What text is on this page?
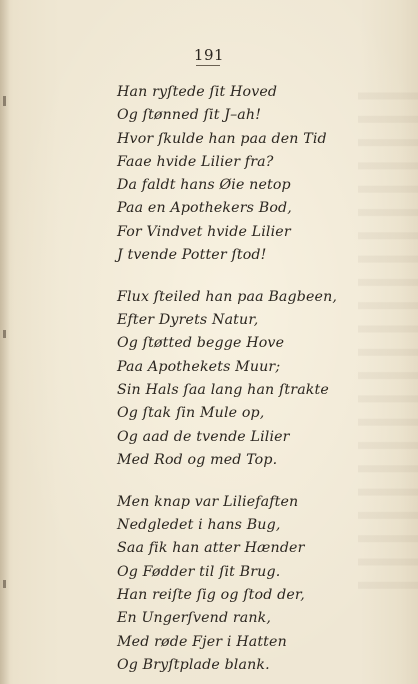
191
Han ryſtede ſit Hoved
Og ſtønned ſit J–ah!
Hvor ſkulde han paa den Tid
Faae hvide Lilier fra?
Da faldt hans Øie netop
Paa en Apothekers Bod,
For Vindvet hvide Lilier
J tvende Potter ſtod!
Flux ſteiled han paa Bagbeen,
Efter Dyrets Natur,
Og ſtøtted begge Hove
Paa Apothekets Muur;
Sin Hals ſaa lang han ſtrakte
Og ſtak ſin Mule op,
Og aad de tvende Lilier
Med Rod og med Top.
Men knap var Liliefaften
Nedgledet i hans Bug,
Saa fik han atter Hænder
Og Fødder til ſit Brug.
Han reiſte ſig og ſtod der,
En Ungerſvend rank,
Med røde Fjer i Hatten
Og Bryſtplade blank.
